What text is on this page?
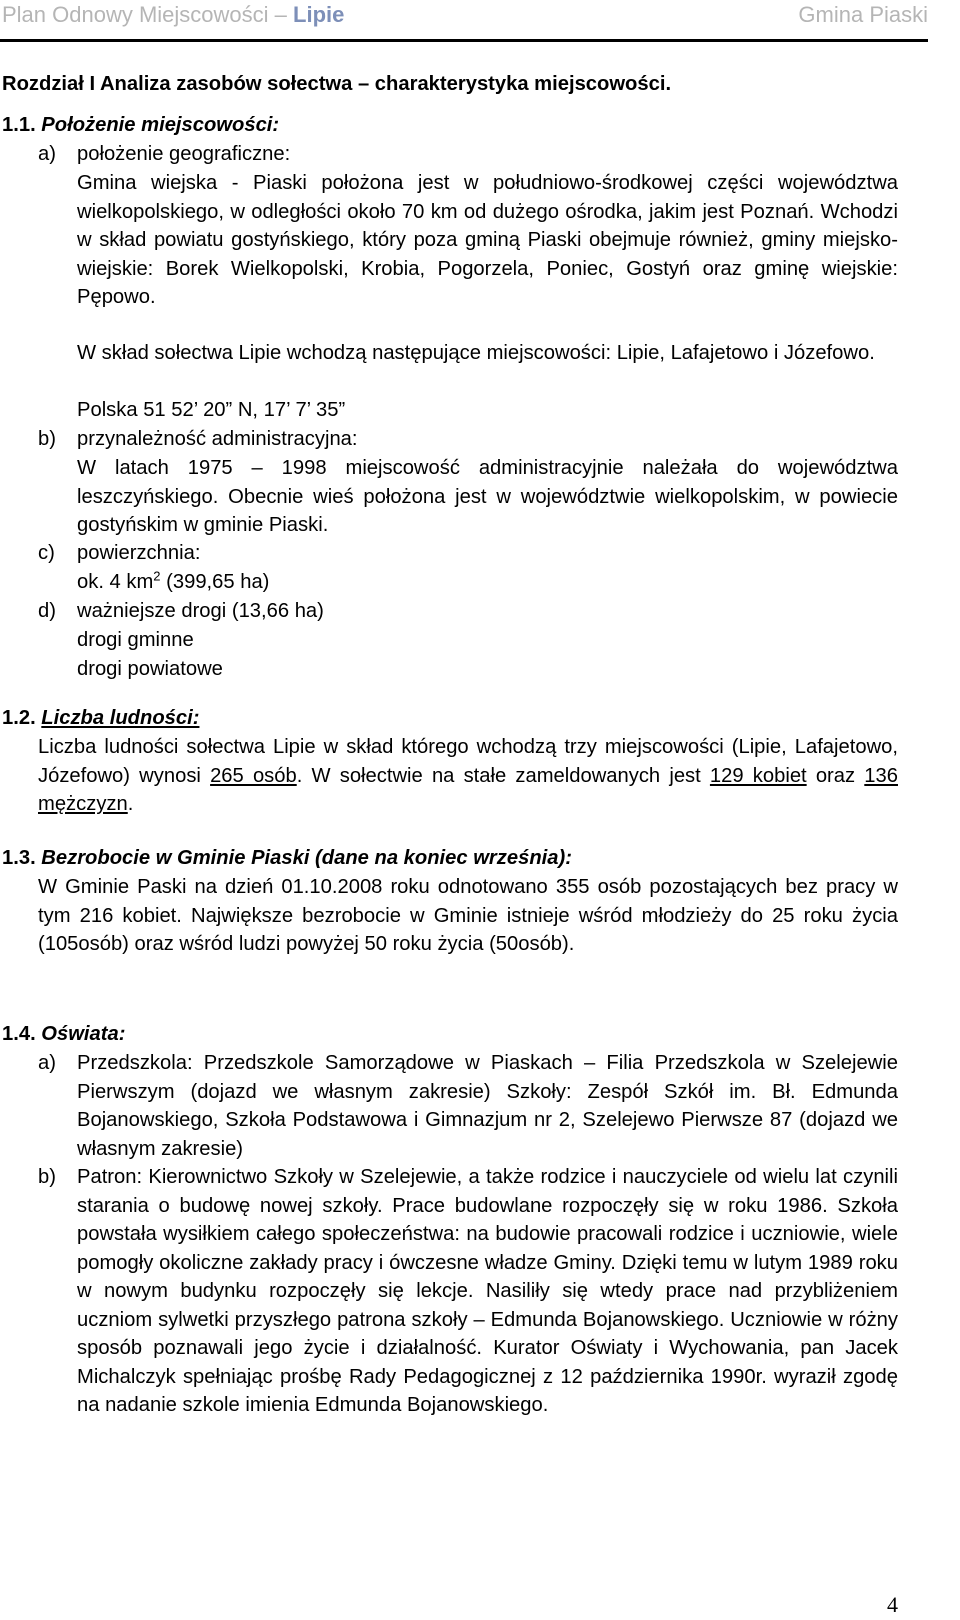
Plan Odnowy Miejscowości – Lipie	Gmina Piaski
Rozdział I Analiza zasobów sołectwa – charakterystyka miejscowości.
1.1. Położenie miejscowości:
a) położenie geograficzne:
Gmina wiejska - Piaski położona jest w południowo-środkowej części województwa wielkopolskiego, w odległości około 70 km od dużego ośrodka, jakim jest Poznań. Wchodzi w skład powiatu gostyńskiego, który poza gminą Piaski obejmuje również, gminy miejsko-wiejskie: Borek Wielkopolski, Krobia, Pogorzela, Poniec, Gostyń oraz gminę wiejskie: Pępowo.
W skład sołectwa Lipie wchodzą następujące miejscowości: Lipie, Lafajetowo i Józefowo.
Polska 51 52’ 20” N, 17’ 7’ 35”
b) przynależność administracyjna:
W latach 1975 – 1998 miejscowość administracyjnie należała do województwa leszczyńskiego. Obecnie wieś położona jest w województwie wielkopolskim, w powiecie gostyńskim w gminie Piaski.
c) powierzchnia:
ok. 4 $km^2$ (399,65 ha)
d) ważniejsze drogi (13,66 ha)
drogi gminne
drogi powiatowe
1.2. Liczba ludności:
Liczba ludności sołectwa Lipie w skład którego wchodzą trzy miejscowości (Lipie, Lafajetowo, Józefowo) wynosi 265 osób. W sołectwie na stałe zameldowanych jest 129 kobiet oraz 136 mężczyzn.
1.3. Bezrobocie w Gminie Piaski (dane na koniec września):
W Gminie Paski na dzień 01.10.2008 roku odnotowano 355 osób pozostających bez pracy w tym 216 kobiet. Największe bezrobocie w Gminie istnieje wśród młodzieży do 25 roku życia (105osób) oraz wśród ludzi powyżej 50 roku życia (50osób).
1.4. Oświata:
a) Przedszkola: Przedszkole Samorządowe w Piaskach – Filia Przedszkola w Szelejewie Pierwszym (dojazd we własnym zakresie) Szkoły: Zespół Szkół im. Bł. Edmunda Bojanowskiego, Szkoła Podstawowa i Gimnazjum nr 2, Szelejewo Pierwsze 87 (dojazd we własnym zakresie)
b) Patron: Kierownictwo Szkoły w Szelejewie, a także rodzice i nauczyciele od wielu lat czynili starania o budowę nowej szkoły. Prace budowlane rozpoczęły się w roku 1986. Szkoła powstała wysiłkiem całego społeczeństwa: na budowie pracowali rodzice i uczniowie, wiele pomogły okoliczne zakłady pracy i ówczesne władze Gminy. Dzięki temu w lutym 1989 roku w nowym budynku rozpoczęły się lekcje. Nasiliły się wtedy prace nad przybliżeniem uczniom sylwetki przyszłego patrona szkoły – Edmunda Bojanowskiego. Uczniowie w różny sposób poznawali jego życie i działalność. Kurator Oświaty i Wychowania, pan Jacek Michalczyk spełniając prośbę Rady Pedagogicznej z 12 października 1990r. wyraził zgodę na nadanie szkole imienia Edmunda Bojanowskiego.
4
